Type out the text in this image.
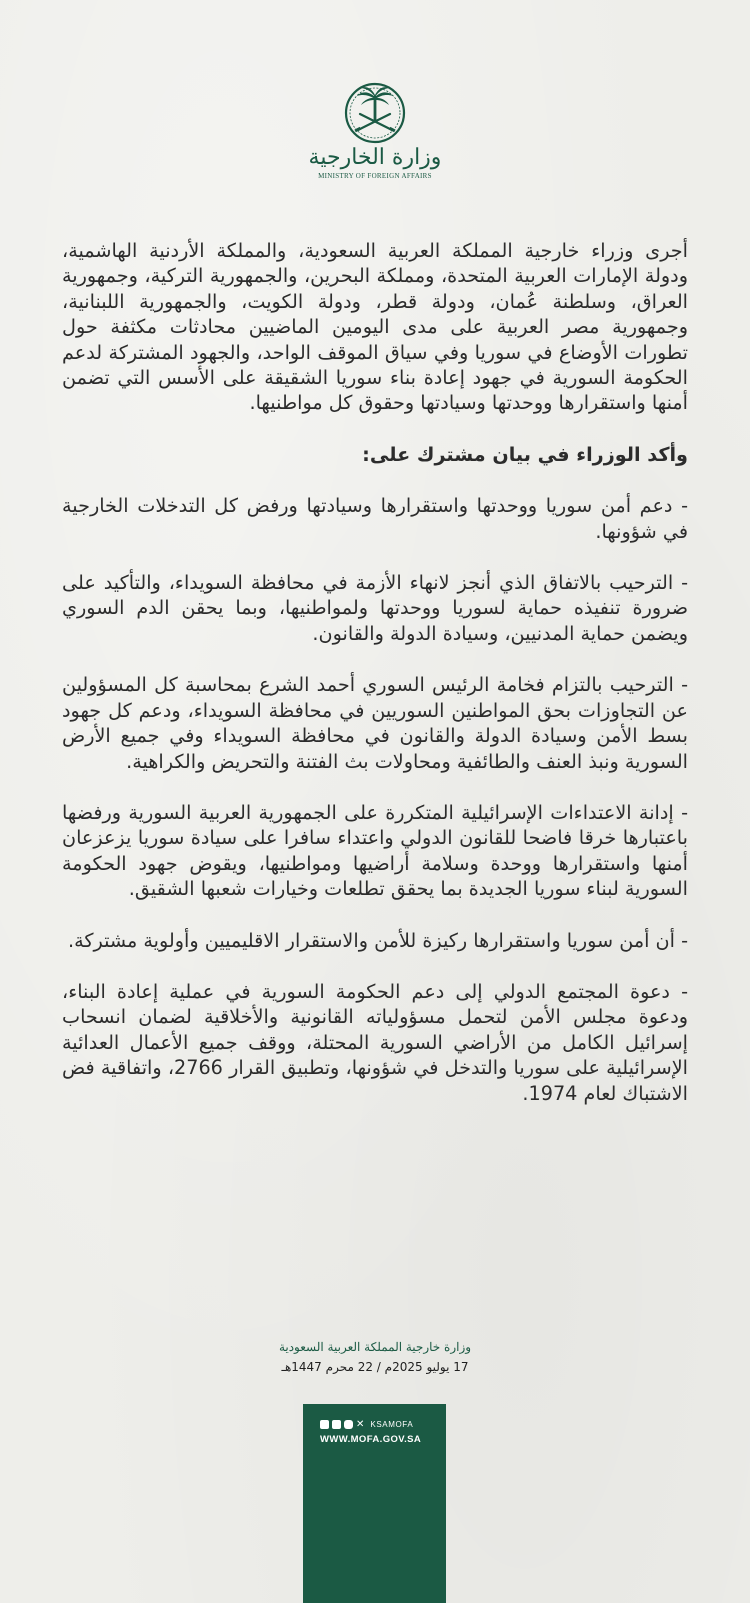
وزارة الخارجية
MINISTRY OF FOREIGN AFFAIRS

أجرى وزراء خارجية المملكة العربية السعودية، والمملكة الأردنية الهاشمية، ودولة الإمارات العربية المتحدة، ومملكة البحرين، والجمهورية التركية، وجمهورية العراق، وسلطنة عُمان، ودولة قطر، ودولة الكويت، والجمهورية اللبنانية، وجمهورية مصر العربية على مدى اليومين الماضيين محادثات مكثفة حول تطورات الأوضاع في سوريا وفي سياق الموقف الواحد، والجهود المشتركة لدعم الحكومة السورية في جهود إعادة بناء سوريا الشقيقة على الأسس التي تضمن أمنها واستقرارها ووحدتها وسيادتها وحقوق كل مواطنيها.

وأكد الوزراء في بيان مشترك على:

- دعم أمن سوريا ووحدتها واستقرارها وسيادتها ورفض كل التدخلات الخارجية في شؤونها.

- الترحيب بالاتفاق الذي أنجز لانهاء الأزمة في محافظة السويداء، والتأكيد على ضرورة تنفيذه حماية لسوريا ووحدتها ولمواطنيها، وبما يحقن الدم السوري ويضمن حماية المدنيين، وسيادة الدولة والقانون.

- الترحيب بالتزام فخامة الرئيس السوري أحمد الشرع بمحاسبة كل المسؤولين عن التجاوزات بحق المواطنين السوريين في محافظة السويداء، ودعم كل جهود بسط الأمن وسيادة الدولة والقانون في محافظة السويداء وفي جميع الأرض السورية ونبذ العنف والطائفية ومحاولات بث الفتنة والتحريض والكراهية.

- إدانة الاعتداءات الإسرائيلية المتكررة على الجمهورية العربية السورية ورفضها باعتبارها خرقا فاضحا للقانون الدولي واعتداء سافرا على سيادة سوريا يزعزعان أمنها واستقرارها ووحدة وسلامة أراضيها ومواطنيها، ويقوض جهود الحكومة السورية لبناء سوريا الجديدة بما يحقق تطلعات وخيارات شعبها الشقيق.

- أن أمن سوريا واستقرارها ركيزة للأمن والاستقرار الاقليميين وأولوية مشتركة.

- دعوة المجتمع الدولي إلى دعم الحكومة السورية في عملية إعادة البناء، ودعوة مجلس الأمن لتحمل مسؤولياته القانونية والأخلاقية لضمان انسحاب إسرائيل الكامل من الأراضي السورية المحتلة، ووقف جميع الأعمال العدائية الإسرائيلية على سوريا والتدخل في شؤونها، وتطبيق القرار 2766، واتفاقية فض الاشتباك لعام 1974.

وزارة خارجية المملكة العربية السعودية
17 يوليو 2025م / 22 محرم 1447هـ
✕ KSAMOFA
WWW.MOFA.GOV.SA
